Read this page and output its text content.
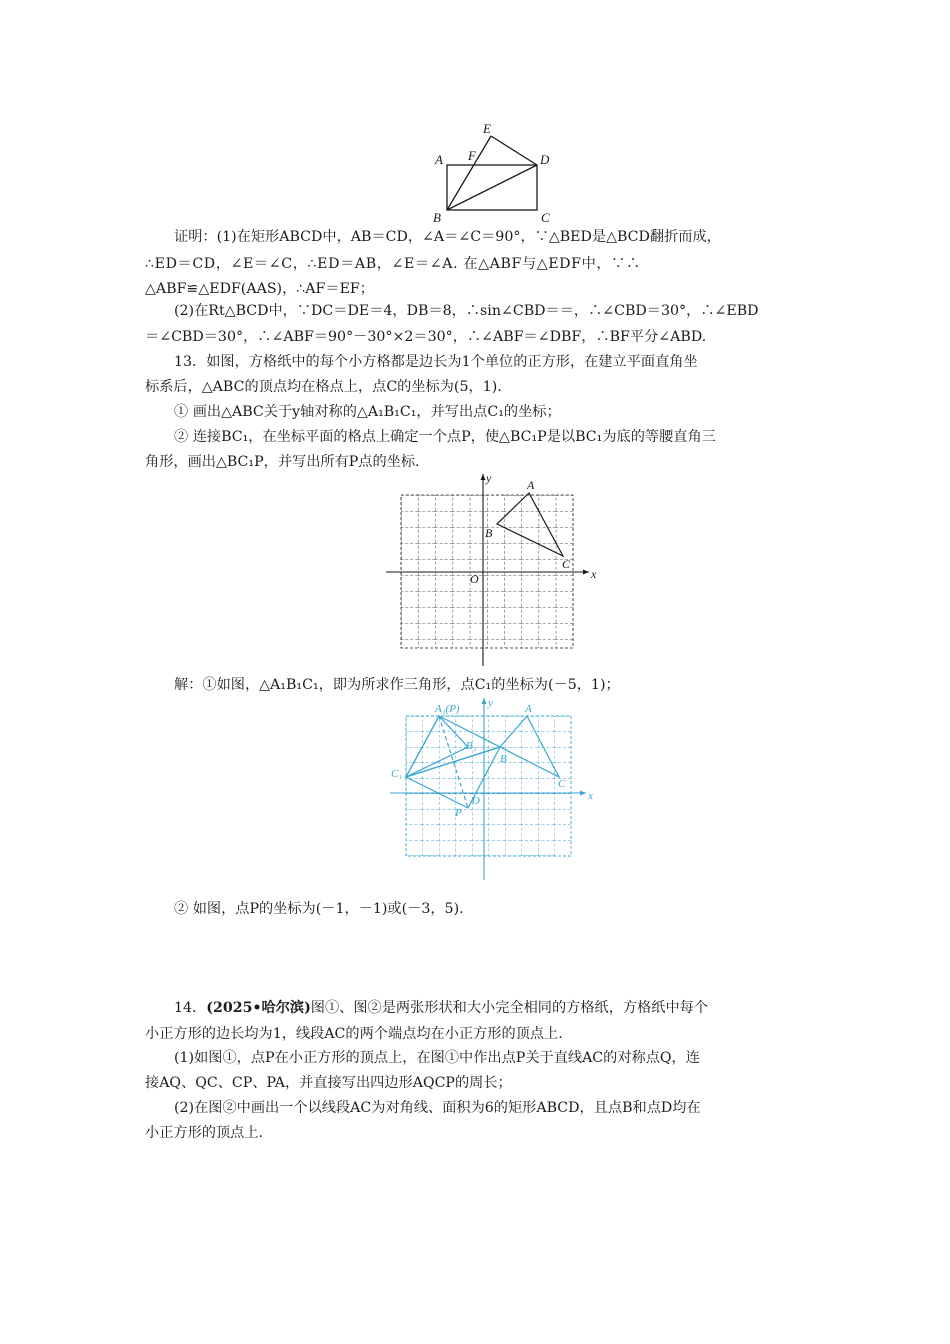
A
B	C
D
E
F

证明：(1)在矩形ABCD中，AB＝CD，∠A＝∠C＝90°，∵△BED是△BCD翻折而成，

∴ED＝CD，∠E＝∠C，∴ED＝AB，∠E＝∠A. 在△ABF与△EDF中，∵∴

△ABF≌△EDF(AAS)，∴AF＝EF；

(2)在Rt△BCD中，∵DC＝DE＝4，DB＝8，∴sin∠CBD＝＝，∴∠CBD＝30°，∴∠EBD

＝∠CBD＝30°，∴∠ABF＝90°－30°×2＝30°，∴∠ABF＝∠DBF，∴BF平分∠ABD.

13．如图，方格纸中的每个小方格都是边长为1个单位的正方形，在建立平面直角坐

标系后，△ABC的顶点均在格点上，点C的坐标为(5，1).

① 画出△ABC关于y轴对称的△A₁B₁C₁，并写出点C₁的坐标；

② 连接BC₁，在坐标平面的格点上确定一个点P，使△BC₁P是以BC₁为底的等腰直角三

角形，画出△BC₁P，并写出所有P点的坐标.

x
y
O
A
B
C

解：①如图，△A₁B₁C₁，即为所求作三角形，点C₁的坐标为(－5，1)；

x
y
O
A
B
C
A₁(P)
B₁
C₁
P

② 如图，点P的坐标为(－1，－1)或(－3，5).

14．(2025•哈尔滨)图①、图②是两张形状和大小完全相同的方格纸，方格纸中每个

小正方形的边长均为1，线段AC的两个端点均在小正方形的顶点上.

(1)如图①，点P在小正方形的顶点上，在图①中作出点P关于直线AC的对称点Q，连

接AQ、QC、CP、PA，并直接写出四边形AQCP的周长；

(2)在图②中画出一个以线段AC为对角线、面积为6的矩形ABCD，且点B和点D均在

小正方形的顶点上.
